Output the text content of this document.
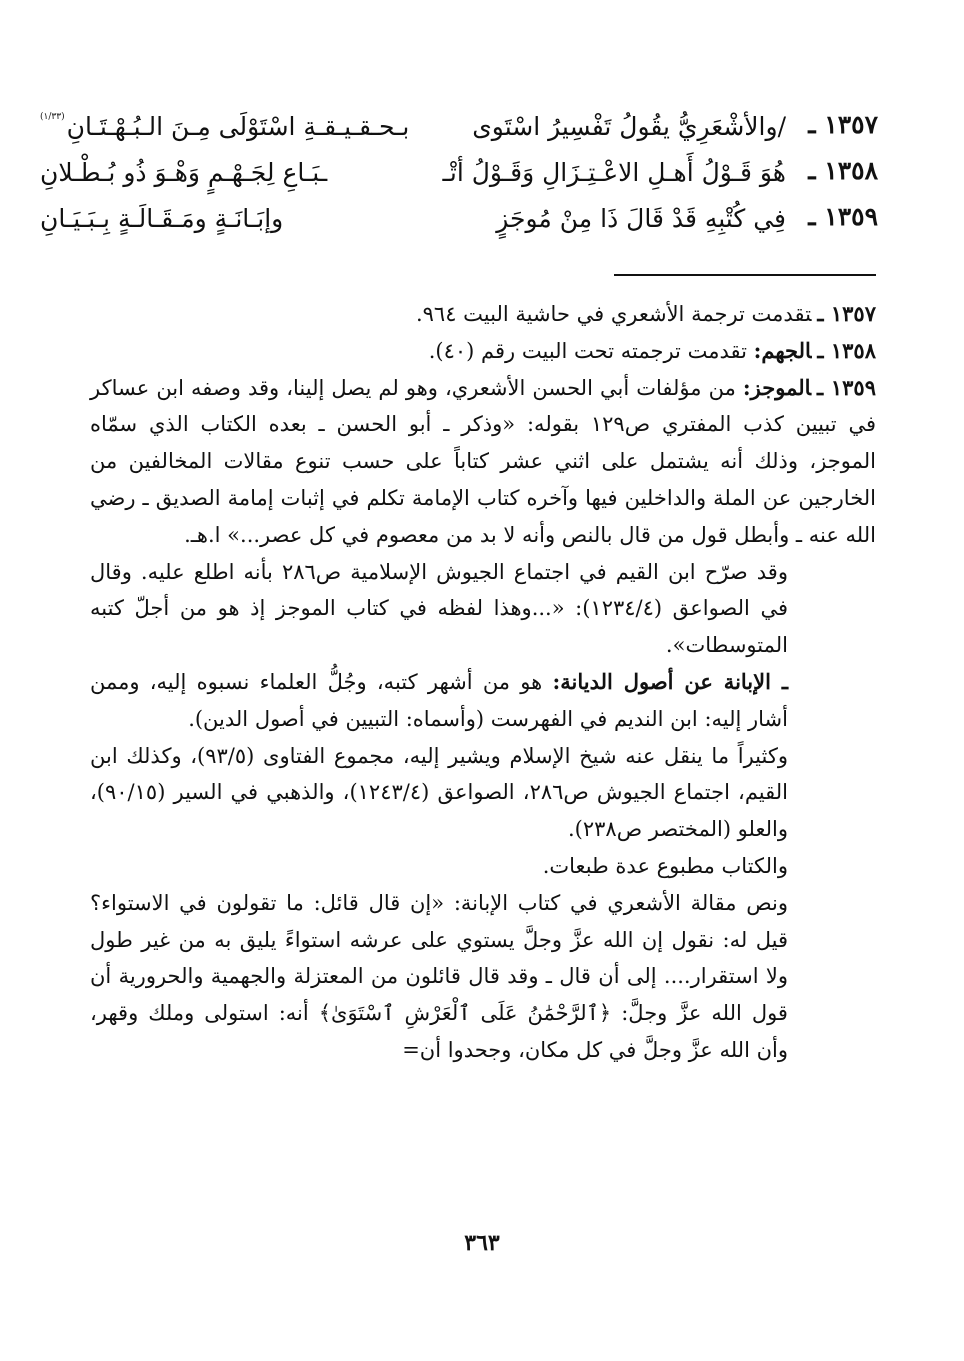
١٣٥٧ ـ
/والأشْعَرِيُّ يقُولُ تَفْسِيرُ اسْتَوى
بـحـقـيـقـةِ اسْتَوْلَى مِـنَ الـبُـهْـتَـانِ$^{(١/٣٣)}$
١٣٥٨ ـ
هُوَ قَـوْلُ أَهـلِ الاعْـتِـزَالِ وَقَـوْلُ أتْـ
ـبَـاعِ لِجَـهْـمٍ وَهْـوَ ذُو بُـطْـلانِ
١٣٥٩ ـ
فِي كُتْبِهِ قَدْ قَالَ ذَا مِنْ مُوجَزٍ
وإبَـانَـةٍ ومَـقَـالَـةٍ بِـبَـيَـانِ

١٣٥٧ ـتقدمت ترجمة الأشعري في حاشية البيت ٩٦٤.

١٣٥٨ ـالجهم: تقدمت ترجمته تحت البيت رقم (٤٠).

١٣٥٩ ـالموجز: من مؤلفات أبي الحسن الأشعري، وهو لم يصل إلينا، وقد وصفه ابن عساكر في تبيين كذب المفتري ص١٢٩ بقوله: «وذكر ـ أبو الحسن ـ بعده الكتاب الذي سمّاه الموجز، وذلك أنه يشتمل على اثني عشر كتاباً على حسب تنوع مقالات المخالفين من الخارجين عن الملة والداخلين فيها وآخره كتاب الإمامة تكلم في إثبات إمامة الصديق ـ رضي الله عنه ـ وأبطل قول من قال بالنص وأنه لا بد من معصوم في كل عصر...» ا.هـ.

وقد صرّح ابن القيم في اجتماع الجيوش الإسلامية ص٢٨٦ بأنه اطلع عليه. وقال في الصواعق (١٢٣٤/٤): «...وهذا لفظه في كتاب الموجز إذ هو من أجلّ كتبه المتوسطات».

ـ الإبانة عن أصول الديانة: هو من أشهر كتبه، وجُلُّ العلماء نسبوه إليه، وممن أشار إليه: ابن النديم في الفهرست (وأسماه: التبيين في أصول الدين).

وكثيراً ما ينقل عنه شيخ الإسلام ويشير إليه، مجموع الفتاوى (٩٣/٥)، وكذلك ابن القيم، اجتماع الجيوش ص٢٨٦، الصواعق (١٢٤٣/٤)، والذهبي في السير (٩٠/١٥)، والعلو (المختصر ص٢٣٨).

والكتاب مطبوع عدة طبعات.

ونص مقالة الأشعري في كتاب الإبانة: «إن قال قائل: ما تقولون في الاستواء؟ قيل له: نقول إن الله عزَّ وجلَّ يستوي على عرشه استواءً يليق به من غير طول ولا استقرار.... إلى أن قال ـ وقد قال قائلون من المعتزلة والجهمية والحرورية أن قول الله عزَّ وجلَّ: ﴿ٱلرَّحْمَٰنُ عَلَى ٱلْعَرْشِ ٱسْتَوَىٰ﴾ أنه: استولى وملك وقهر، وأن الله عزَّ وجلَّ في كل مكان، وجحدوا أن=

٣٦٣
